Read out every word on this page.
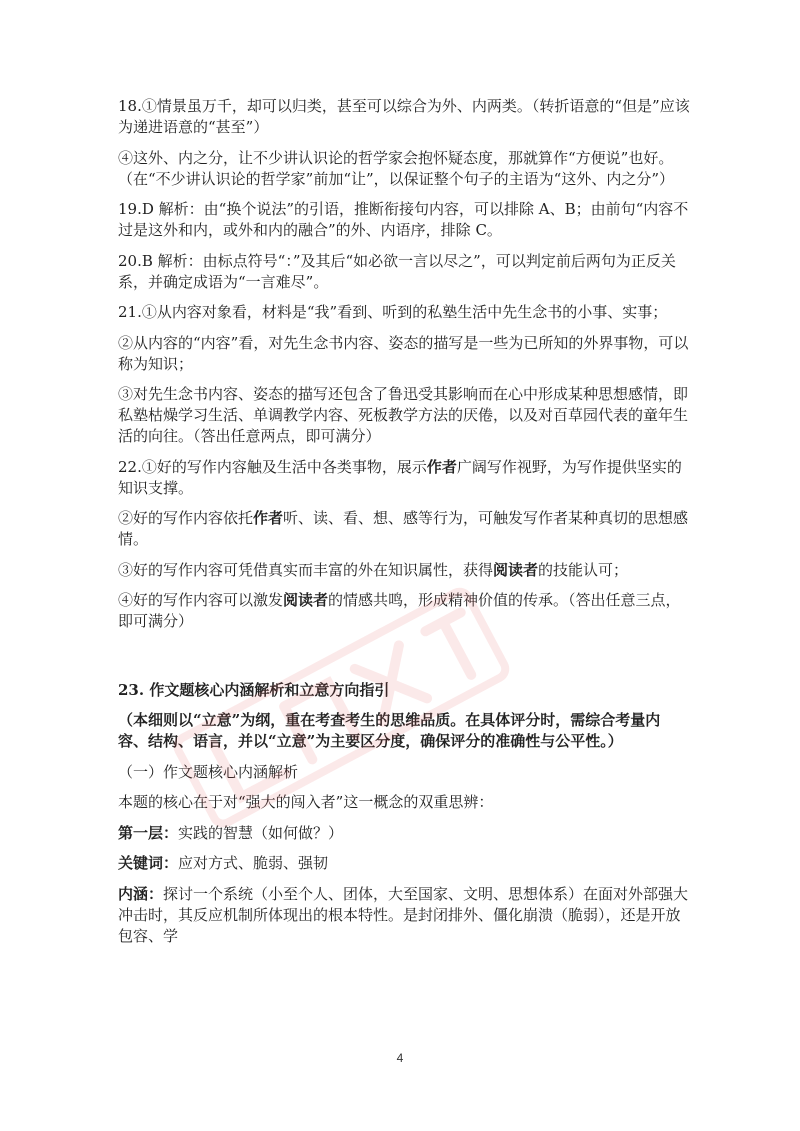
18.①情景虽万千，却可以归类，甚至可以综合为外、内两类。（转折语意的“但是”应该为递进语意的“甚至”）

④这外、内之分，让不少讲认识论的哲学家会抱怀疑态度，那就算作“方便说”也好。（在“不少讲认识论的哲学家”前加“让”，以保证整个句子的主语为“这外、内之分”）

19.D 解析：由“换个说法”的引语，推断衔接句内容，可以排除 A、B；由前句“内容不过是这外和内，或外和内的融合”的外、内语序，排除 C。

20.B 解析：由标点符号“：”及其后“如必欲一言以尽之”，可以判定前后两句为正反关系，并确定成语为“一言难尽”。

21.①从内容对象看，材料是“我”看到、听到的私塾生活中先生念书的小事、实事；

②从内容的“内容”看，对先生念书内容、姿态的描写是一些为已所知的外界事物，可以称为知识；

③对先生念书内容、姿态的描写还包含了鲁迅受其影响而在心中形成某种思想感情，即私塾枯燥学习生活、单调教学内容、死板教学方法的厌倦，以及对百草园代表的童年生活的向往。（答出任意两点，即可满分）

22.①好的写作内容触及生活中各类事物，展示作者广阔写作视野，为写作提供坚实的知识支撑。

②好的写作内容依托作者听、读、看、想、感等行为，可触发写作者某种真切的思想感情。

③好的写作内容可凭借真实而丰富的外在知识属性，获得阅读者的技能认可；

④好的写作内容可以激发阅读者的情感共鸣，形成精神价值的传承。（答出任意三点，即可满分）

23. 作文题核心内涵解析和立意方向指引

（本细则以“立意”为纲，重在考查考生的思维品质。在具体评分时，需综合考量内容、结构、语言，并以“立意”为主要区分度，确保评分的准确性与公平性。）

（一）作文题核心内涵解析

本题的核心在于对“强大的闯入者”这一概念的双重思辨：

第一层：实践的智慧（如何做？）

关键词：应对方式、脆弱、强韧

内涵：探讨一个系统（小至个人、团体，大至国家、文明、思想体系）在面对外部强大冲击时，其反应机制所体现出的根本特性。是封闭排外、僵化崩溃（脆弱），还是开放包容、学

4
